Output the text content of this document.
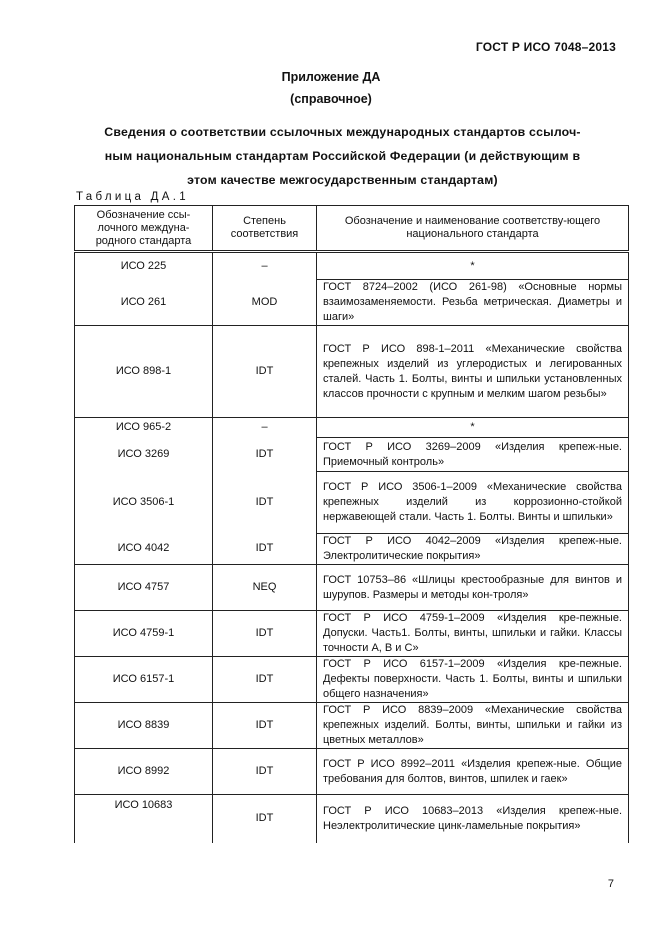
ГОСТ Р ИСО 7048–2013
Приложение ДА
(справочное)
Сведения о соответствии ссылочных международных стандартов ссылоч-
ным национальным стандартам Российской Федерации (и действующим в
этом качестве межгосударственным стандартам)
Таблица ДА.1
Обозначение ссы-лочного междуна-родного стандарта	Степень соответствия	Обозначение и наименование соответству-ющего национального стандарта
ИСО 225	–	*
ИСО 261	MOD	ГОСТ 8724–2002 (ИСО 261-98) «Основные нормы взаимозаменяемости. Резьба метрическая. Диаметры и шаги»
ИСО 898-1	IDT	ГОСТ Р ИСО 898-1–2011 «Механические свойства крепежных изделий из углеродистых и легированных сталей. Часть 1. Болты, винты и шпильки установленных классов прочности с крупным и мелким шагом резьбы»
ИСО 965-2	–	*
ИСО 3269	IDT	ГОСТ Р ИСО 3269–2009 «Изделия крепеж-ные. Приемочный контроль»
ИСО 3506-1	IDT	ГОСТ Р ИСО 3506-1–2009 «Механические свойства крепежных изделий из коррозионно-стойкой нержавеющей стали. Часть 1. Болты. Винты и шпильки»
ИСО 4042	IDT	ГОСТ Р ИСО 4042–2009 «Изделия крепеж-ные. Электролитические покрытия»
ИСО 4757	NEQ	ГОСТ 10753–86 «Шлицы крестообразные для винтов и шурупов. Размеры и методы кон-троля»
ИСО 4759-1	IDT	ГОСТ Р ИСО 4759-1–2009 «Изделия кре-пежные. Допуски. Часть1. Болты, винты, шпильки и гайки. Классы точности А, В и С»
ИСО 6157-1	IDT	ГОСТ Р ИСО 6157-1–2009 «Изделия кре-пежные. Дефекты поверхности. Часть 1. Болты, винты и шпильки общего назначения»
ИСО 8839	IDT	ГОСТ Р ИСО 8839–2009 «Механические свойства крепежных изделий. Болты, винты, шпильки и гайки из цветных металлов»
ИСО 8992	IDT	ГОСТ Р ИСО 8992–2011 «Изделия крепеж-ные. Общие требования для болтов, винтов, шпилек и гаек»
ИСО 10683	IDT	ГОСТ Р ИСО 10683–2013 «Изделия крепеж-ные. Неэлектролитические цинк-ламельные покрытия»
7
